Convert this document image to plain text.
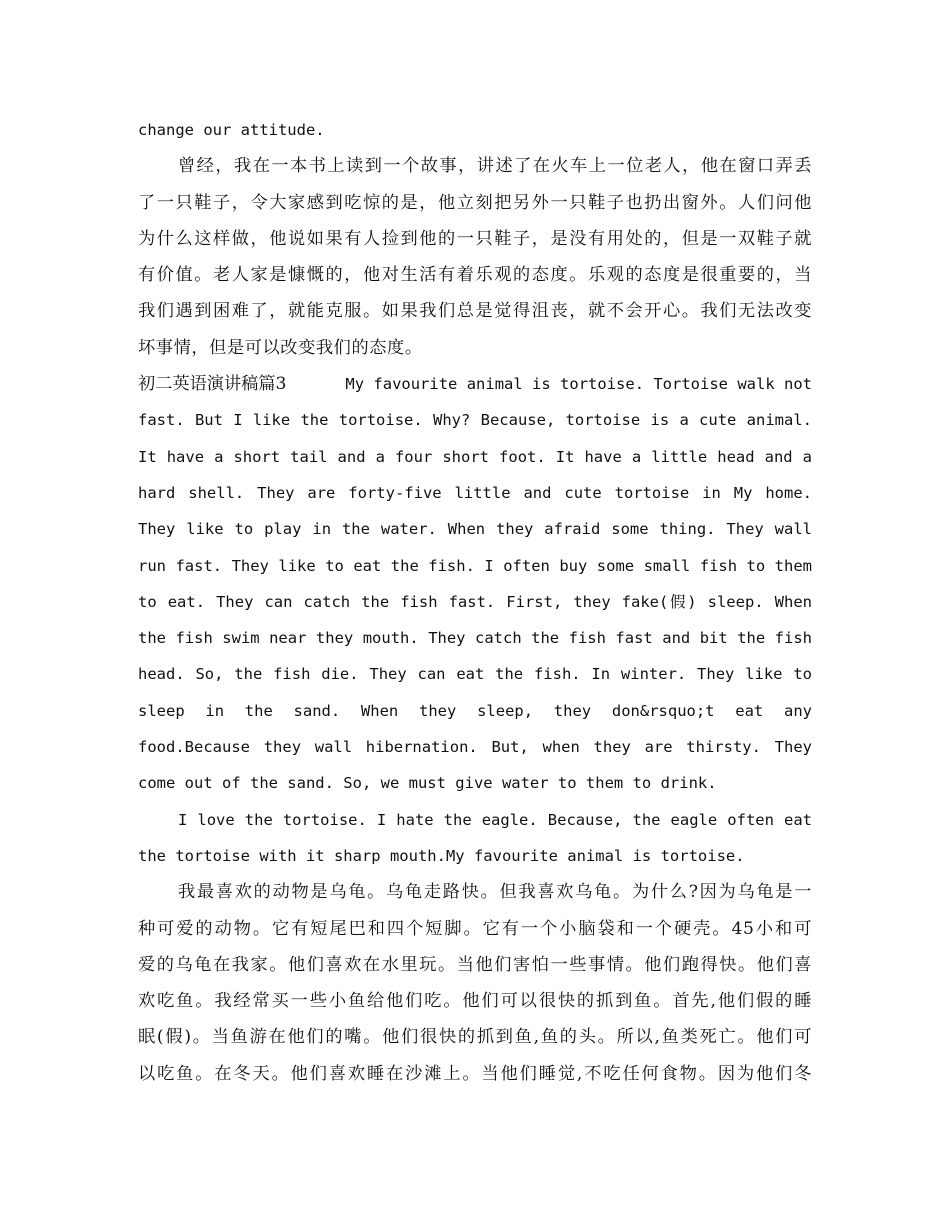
change our attitude.
曾经，我在一本书上读到一个故事，讲述了在火车上一位老人，他在窗口弄丢
了一只鞋子，令大家感到吃惊的是，他立刻把另外一只鞋子也扔出窗外。人们问他
为什么这样做，他说如果有人捡到他的一只鞋子，是没有用处的，但是一双鞋子就
有价值。老人家是慷慨的，他对生活有着乐观的态度。乐观的态度是很重要的，当
我们遇到困难了，就能克服。如果我们总是觉得沮丧，就不会开心。我们无法改变
坏事情，但是可以改变我们的态度。
初二英语演讲稿篇3	My favourite animal is tortoise. Tortoise walk not
fast. But I like the tortoise. Why? Because, tortoise is a cute animal.
It have a short tail and a four short foot. It have a little head and a
hard shell. They are forty-five little and cute tortoise in My home.
They like to play in the water. When they afraid some thing. They wall
run fast. They like to eat the fish. I often buy some small fish to them
to eat. They can catch the fish fast. First, they fake(假) sleep. When
the fish swim near they mouth. They catch the fish fast and bit the fish
head. So, the fish die. They can eat the fish. In winter. They like to
sleep in the sand. When they sleep, they don&rsquo;t eat any
food.Because they wall hibernation. But, when they are thirsty. They
come out of the sand. So, we must give water to them to drink.
I love the tortoise. I hate the eagle. Because, the eagle often eat
the tortoise with it sharp mouth.My favourite animal is tortoise.
我最喜欢的动物是乌龟。乌龟走路快。但我喜欢乌龟。为什么?因为乌龟是一
种可爱的动物。它有短尾巴和四个短脚。它有一个小脑袋和一个硬壳。45小和可
爱的乌龟在我家。他们喜欢在水里玩。当他们害怕一些事情。他们跑得快。他们喜
欢吃鱼。我经常买一些小鱼给他们吃。他们可以很快的抓到鱼。首先,他们假的睡
眠(假)。当鱼游在他们的嘴。他们很快的抓到鱼,鱼的头。所以,鱼类死亡。他们可
以吃鱼。在冬天。他们喜欢睡在沙滩上。当他们睡觉,不吃任何食物。因为他们冬
